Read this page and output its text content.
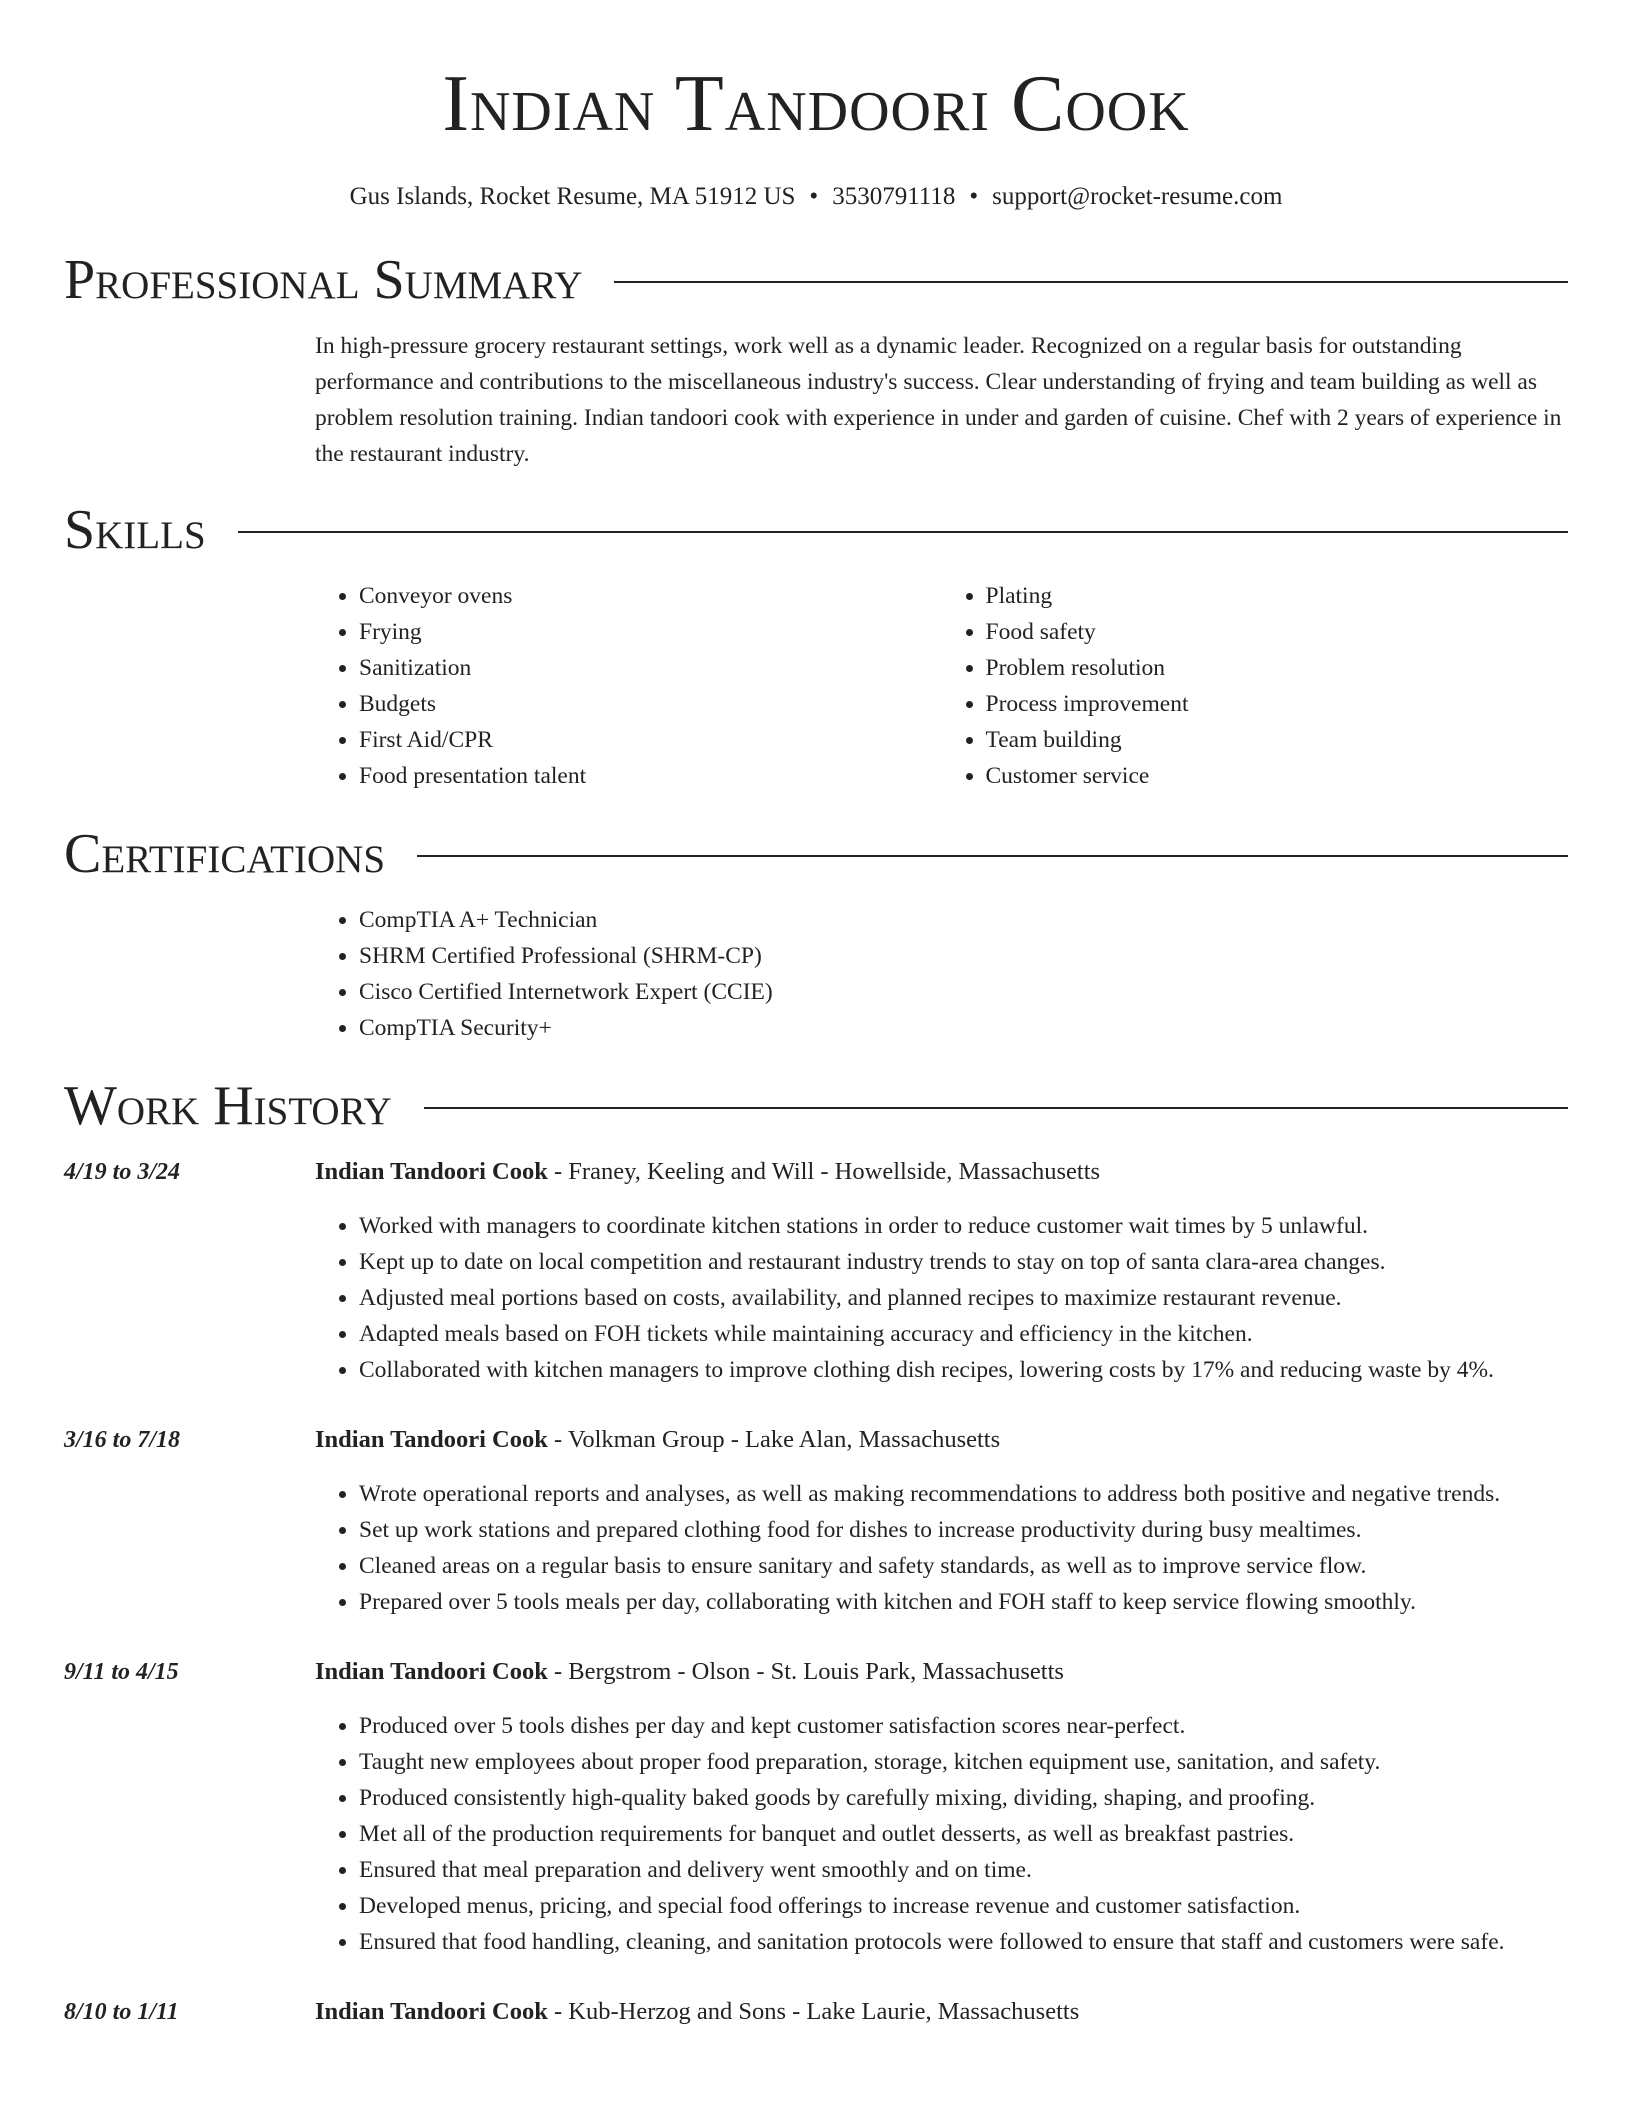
Indian Tandoori Cook
Gus Islands, Rocket Resume, MA 51912 US • 3530791118 • support@rocket-resume.com
Professional Summary
In high-pressure grocery restaurant settings, work well as a dynamic leader. Recognized on a regular basis for outstanding performance and contributions to the miscellaneous industry's success. Clear understanding of frying and team building as well as problem resolution training. Indian tandoori cook with experience in under and garden of cuisine. Chef with 2 years of experience in the restaurant industry.
Skills
• Conveyor ovens
• Frying
• Sanitization
• Budgets
• First Aid/CPR
• Food presentation talent
• Plating
• Food safety
• Problem resolution
• Process improvement
• Team building
• Customer service
Certifications
• CompTIA A+ Technician
• SHRM Certified Professional (SHRM-CP)
• Cisco Certified Internetwork Expert (CCIE)
• CompTIA Security+
Work History
4/19 to 3/24	Indian Tandoori Cook - Franey, Keeling and Will - Howellside, Massachusetts
• Worked with managers to coordinate kitchen stations in order to reduce customer wait times by 5 unlawful.
• Kept up to date on local competition and restaurant industry trends to stay on top of santa clara-area changes.
• Adjusted meal portions based on costs, availability, and planned recipes to maximize restaurant revenue.
• Adapted meals based on FOH tickets while maintaining accuracy and efficiency in the kitchen.
• Collaborated with kitchen managers to improve clothing dish recipes, lowering costs by 17% and reducing waste by 4%.
3/16 to 7/18	Indian Tandoori Cook - Volkman Group - Lake Alan, Massachusetts
• Wrote operational reports and analyses, as well as making recommendations to address both positive and negative trends.
• Set up work stations and prepared clothing food for dishes to increase productivity during busy mealtimes.
• Cleaned areas on a regular basis to ensure sanitary and safety standards, as well as to improve service flow.
• Prepared over 5 tools meals per day, collaborating with kitchen and FOH staff to keep service flowing smoothly.
9/11 to 4/15	Indian Tandoori Cook - Bergstrom - Olson - St. Louis Park, Massachusetts
• Produced over 5 tools dishes per day and kept customer satisfaction scores near-perfect.
• Taught new employees about proper food preparation, storage, kitchen equipment use, sanitation, and safety.
• Produced consistently high-quality baked goods by carefully mixing, dividing, shaping, and proofing.
• Met all of the production requirements for banquet and outlet desserts, as well as breakfast pastries.
• Ensured that meal preparation and delivery went smoothly and on time.
• Developed menus, pricing, and special food offerings to increase revenue and customer satisfaction.
• Ensured that food handling, cleaning, and sanitation protocols were followed to ensure that staff and customers were safe.
8/10 to 1/11	Indian Tandoori Cook - Kub-Herzog and Sons - Lake Laurie, Massachusetts
